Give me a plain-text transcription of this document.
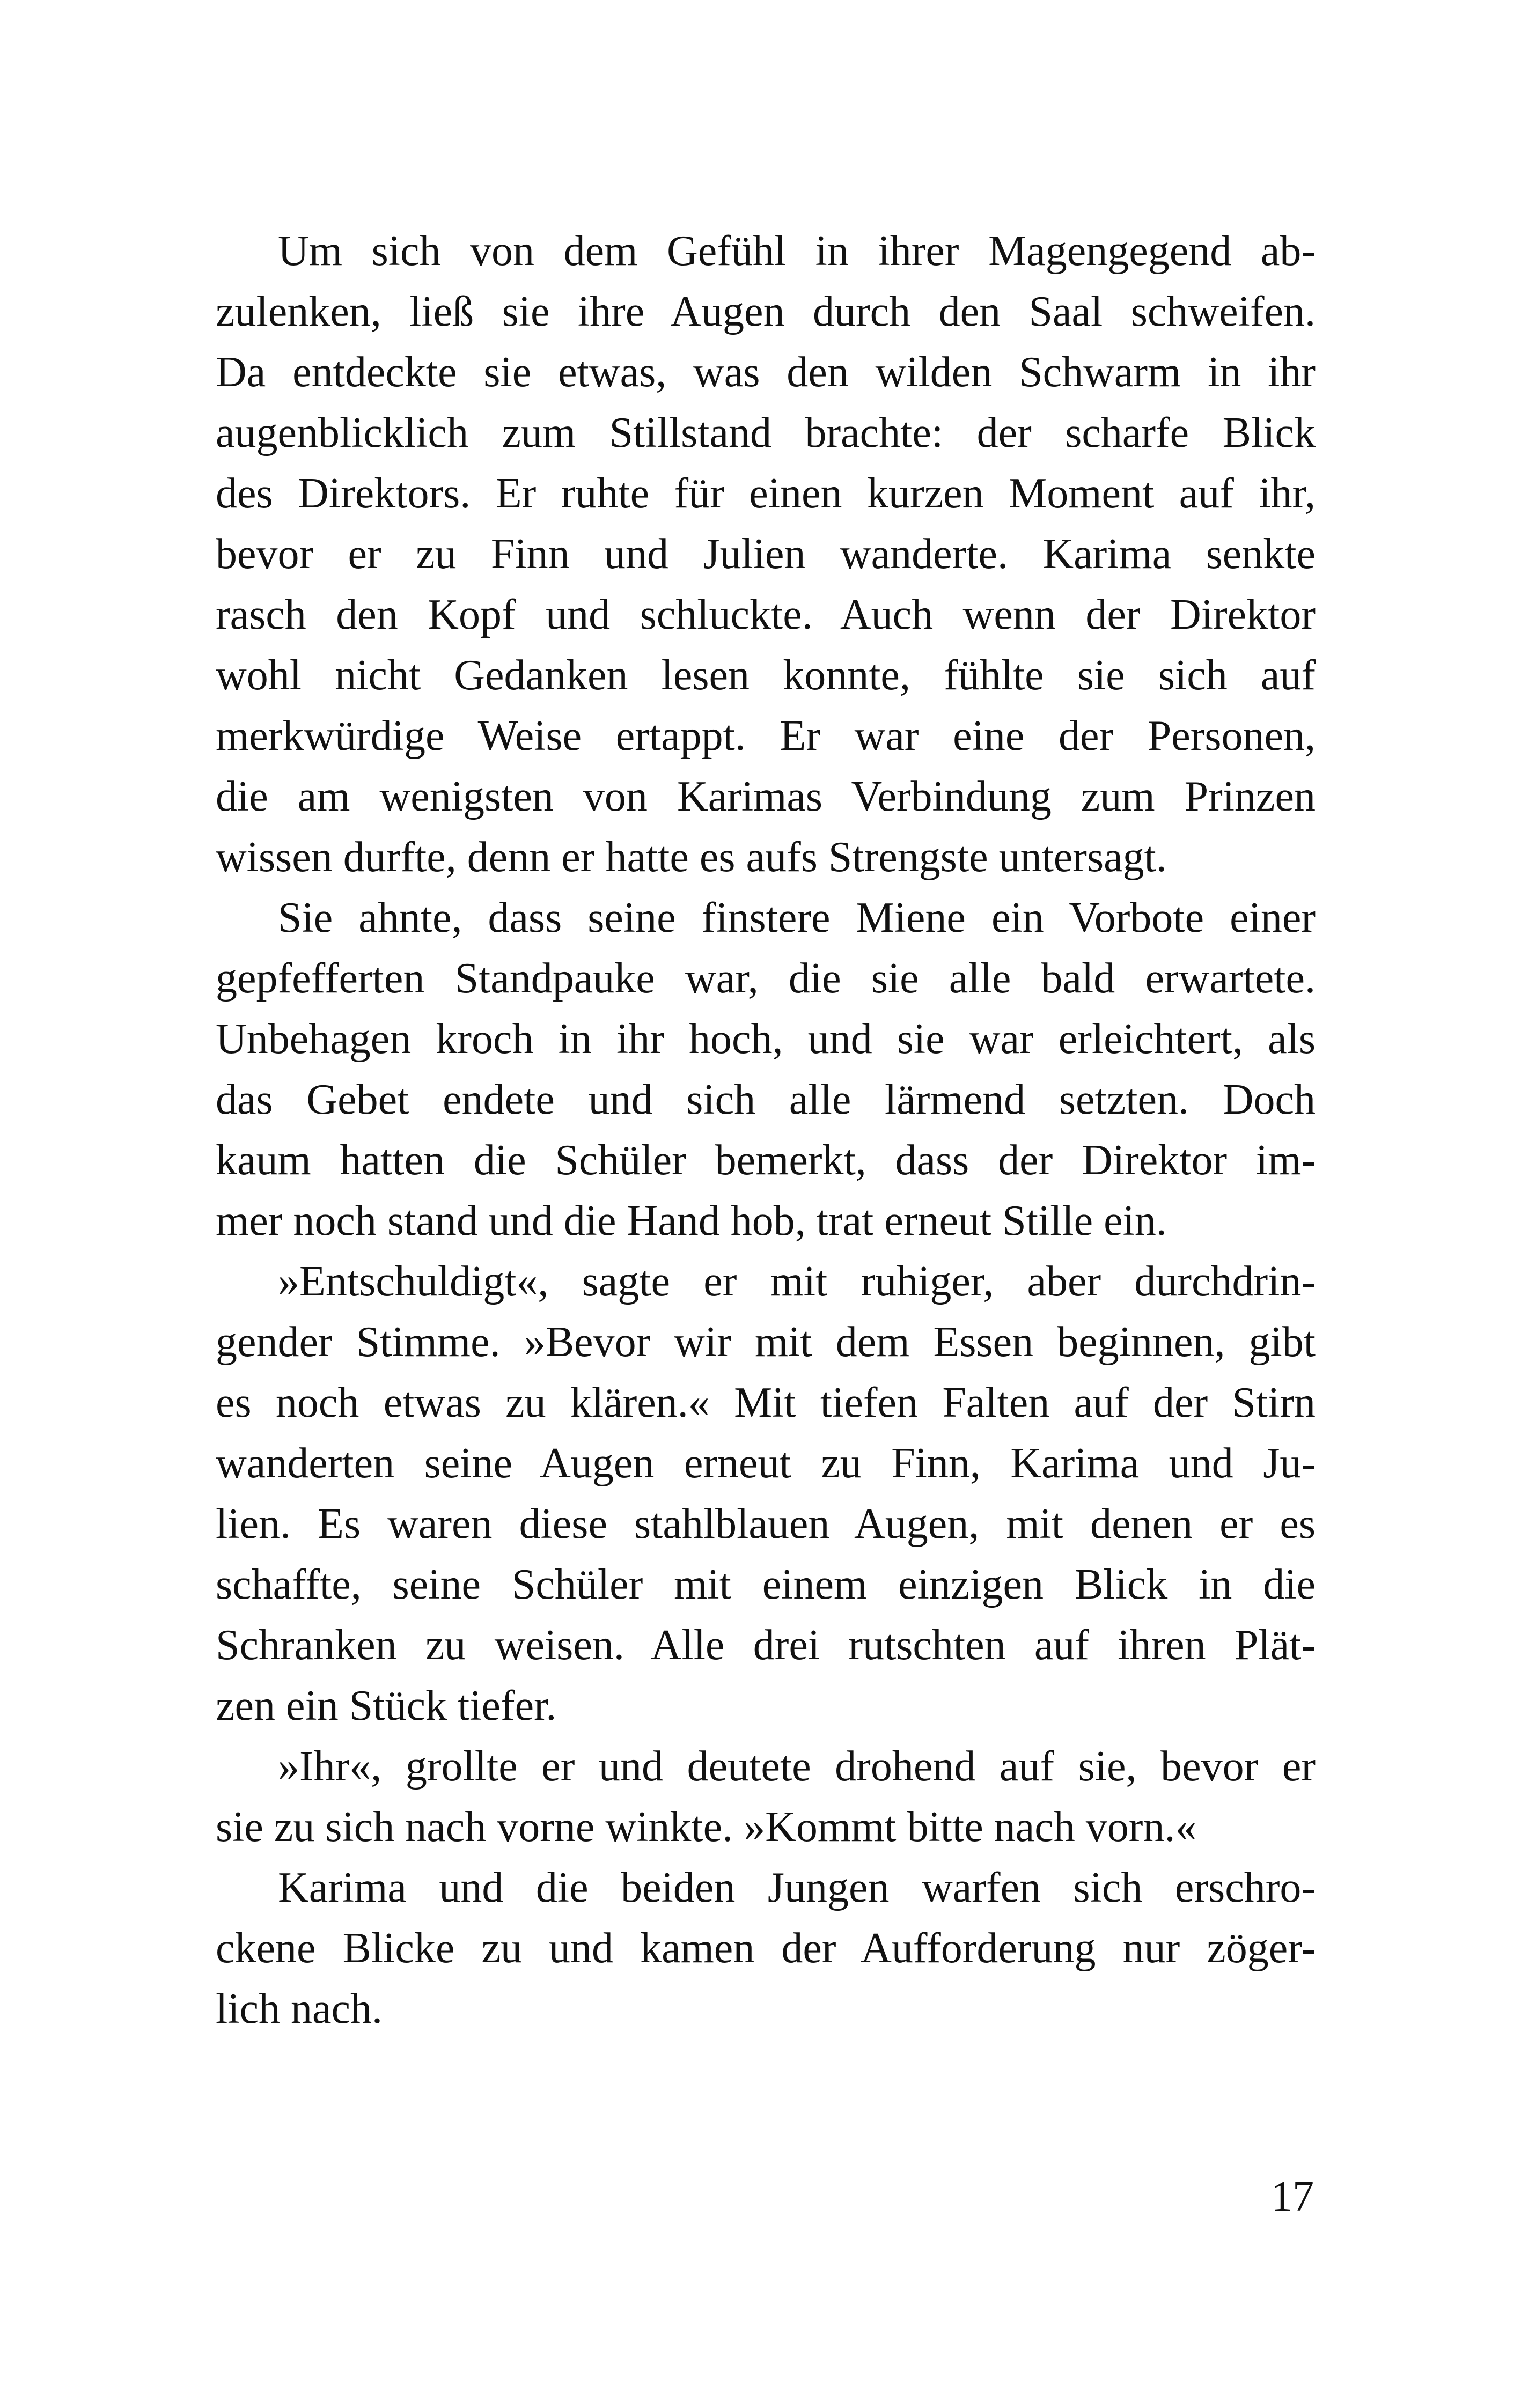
Um sich von dem Gefühl in ihrer Magengegend ab-
zulenken, ließ sie ihre Augen durch den Saal schweifen.
Da entdeckte sie etwas, was den wilden Schwarm in ihr
augenblicklich zum Stillstand brachte: der scharfe Blick
des Direktors. Er ruhte für einen kurzen Moment auf ihr,
bevor er zu Finn und Julien wanderte. Karima senkte
rasch den Kopf und schluckte. Auch wenn der Direktor
wohl nicht Gedanken lesen konnte, fühlte sie sich auf
merkwürdige Weise ertappt. Er war eine der Personen,
die am wenigsten von Karimas Verbindung zum Prinzen
wissen durfte, denn er hatte es aufs Strengste untersagt.
Sie ahnte, dass seine finstere Miene ein Vorbote einer
gepfefferten Standpauke war, die sie alle bald erwartete.
Unbehagen kroch in ihr hoch, und sie war erleichtert, als
das Gebet endete und sich alle lärmend setzten. Doch
kaum hatten die Schüler bemerkt, dass der Direktor im-
mer noch stand und die Hand hob, trat erneut Stille ein.
»Entschuldigt«, sagte er mit ruhiger, aber durchdrin-
gender Stimme. »Bevor wir mit dem Essen beginnen, gibt
es noch etwas zu klären.« Mit tiefen Falten auf der Stirn
wanderten seine Augen erneut zu Finn, Karima und Ju-
lien. Es waren diese stahlblauen Augen, mit denen er es
schaffte, seine Schüler mit einem einzigen Blick in die
Schranken zu weisen. Alle drei rutschten auf ihren Plät-
zen ein Stück tiefer.
»Ihr«, grollte er und deutete drohend auf sie, bevor er
sie zu sich nach vorne winkte. »Kommt bitte nach vorn.«
Karima und die beiden Jungen warfen sich erschro-
ckene Blicke zu und kamen der Aufforderung nur zöger-
lich nach.
17
